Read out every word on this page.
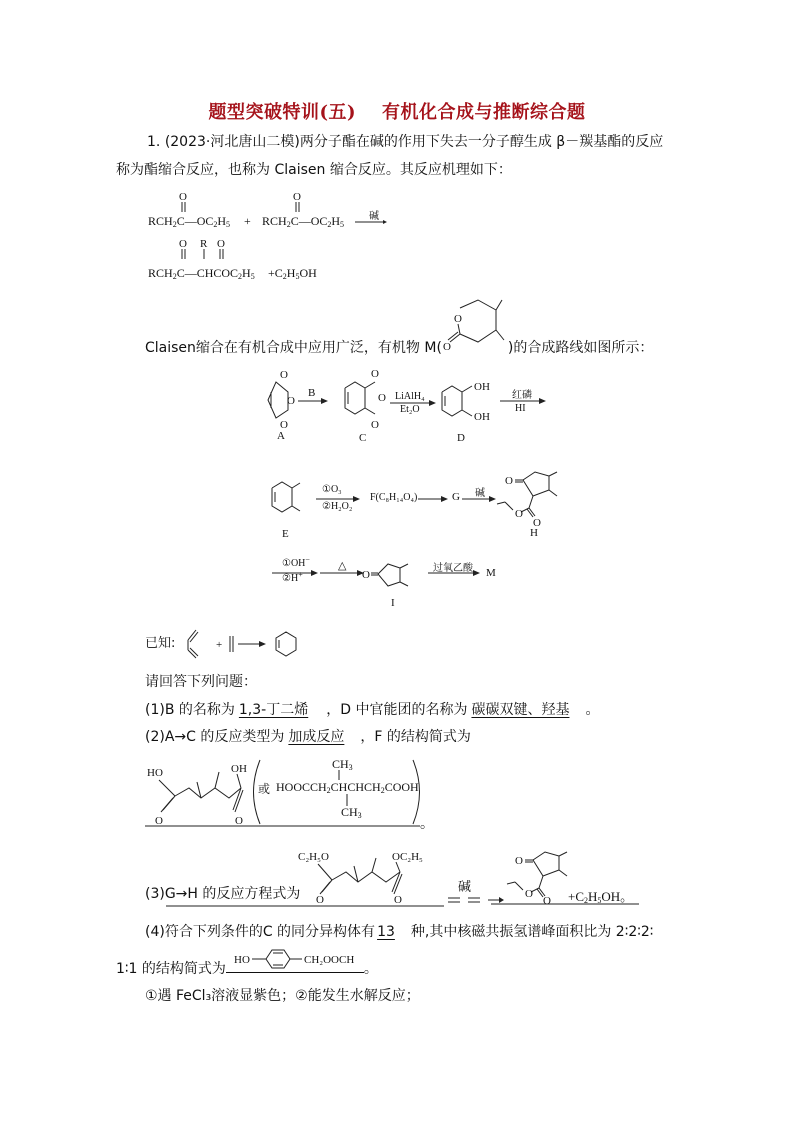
题型突破特训(五) 有机化合成与推断综合题
1. (2023·河北唐山二模)两分子酯在碱的作用下失去一分子醇生成 β－羰基酯的反应
称为酯缩合反应，也称为 Claisen 缩合反应。其反应机理如下：
O
$RCH_2C—OC_2H_5$ +
O
$RCH_2C—OC_2H_5$
碱
O R O
$RCH_2C—CHCOC_2H_5 +C_2H_5OH$
Claisen缩合在有机合成中应用广泛，有机物 M(	)的合成路线如图所示：
O
O
O
O
O
A
B
O
O
O
C
LiAlH₄
Et₂O
OH
OH
D
红磷
HI
E
①O₃
②H₂O₂
F(C₈H₁₄O₄)	G 碱
O
O
O
H
①OH−
②H+
△
O
I
过氧乙酸 M
已知:	+
请回答下列问题：
(1)B 的名称为 1,3-丁二烯 ，D 中官能团的名称为 碳碳双键、羟基 。
(2)A→C 的反应类型为 加成反应 ，F 的结构简式为
HO
O
OH
O
或 $HOOCCH_2CHCHCH_2COOH$
$CH_3$
$CH_3$
。
(3)G→H 的反应方程式为
C₂H₅O
O
OC₂H₅
O
碱
O
O
O	$+C_2H_5OH$。
(4)符合下列条件的C 的同分异构体有 13 种,其中核磁共振氢谱峰面积比为 2∶2∶2∶
1∶1 的结构简式为	。
HO	CH₂OOCH
①遇 FeCl₃溶液显紫色；②能发生水解反应；
